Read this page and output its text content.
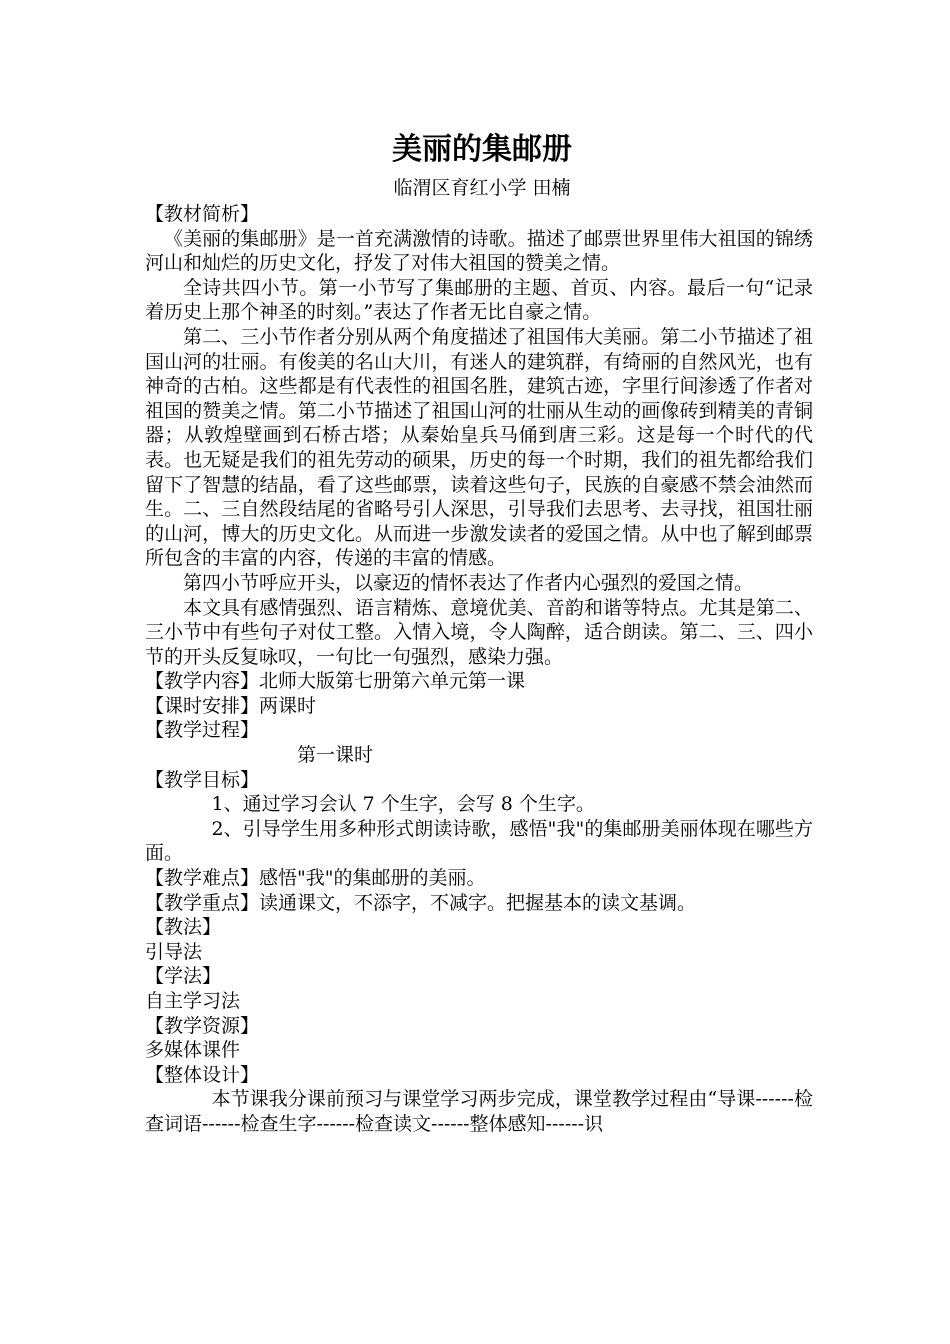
美丽的集邮册
临渭区育红小学 田楠

【教材简析】

《美丽的集邮册》是一首充满激情的诗歌。描述了邮票世界里伟大祖国的锦绣河山和灿烂的历史文化，抒发了对伟大祖国的赞美之情。

全诗共四小节。第一小节写了集邮册的主题、首页、内容。最后一句“记录着历史上那个神圣的时刻。”表达了作者无比自豪之情。

第二、三小节作者分别从两个角度描述了祖国伟大美丽。第二小节描述了祖国山河的壮丽。有俊美的名山大川，有迷人的建筑群，有绮丽的自然风光，也有神奇的古柏。这些都是有代表性的祖国名胜，建筑古迹，字里行间渗透了作者对祖国的赞美之情。第二小节描述了祖国山河的壮丽从生动的画像砖到精美的青铜器；从敦煌壁画到石桥古塔；从秦始皇兵马俑到唐三彩。这是每一个时代的代表。也无疑是我们的祖先劳动的硕果，历史的每一个时期，我们的祖先都给我们留下了智慧的结晶，看了这些邮票，读着这些句子，民族的自豪感不禁会油然而生。二、三自然段结尾的省略号引人深思，引导我们去思考、去寻找，祖国壮丽的山河，博大的历史文化。从而进一步激发读者的爱国之情。从中也了解到邮票所包含的丰富的内容，传递的丰富的情感。

第四小节呼应开头，以豪迈的情怀表达了作者内心强烈的爱国之情。

本文具有感情强烈、语言精炼、意境优美、音韵和谐等特点。尤其是第二、三小节中有些句子对仗工整。入情入境，令人陶醉，适合朗读。第二、三、四小节的开头反复咏叹，一句比一句强烈，感染力强。

【教学内容】北师大版第七册第六单元第一课

【课时安排】两课时

【教学过程】

第一课时

【教学目标】

1、通过学习会认 7 个生字，会写 8 个生字。

2、引导学生用多种形式朗读诗歌，感悟"我"的集邮册美丽体现在哪些方面。

【教学难点】感悟"我"的集邮册的美丽。

【教学重点】读通课文，不添字，不减字。把握基本的读文基调。

【教法】

引导法

【学法】

自主学习法

【教学资源】

多媒体课件

【整体设计】

本节课我分课前预习与课堂学习两步完成，课堂教学过程由“导课------检查词语------检查生字------检查读文------整体感知------识
